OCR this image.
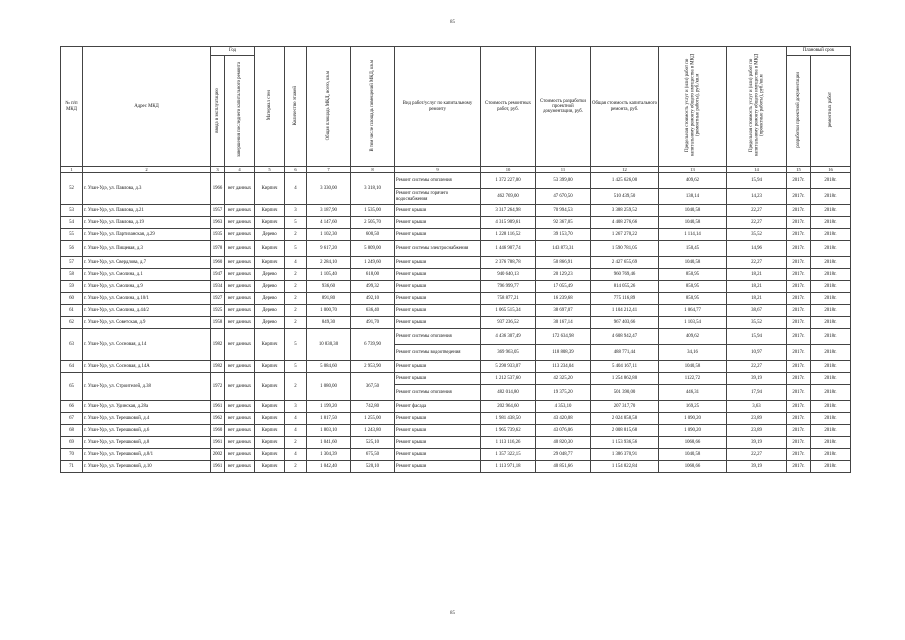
85
№ п/п МКД	Адрес МКД	Год		Материал стен	Количество этажей	Общая площадь МКД, всего, кв.м	В том числе площадь помещений МКД, кв.м	Вид работ/услуг по капитальному ремонту	Стоимость ремонтных работ, руб.	Стоимость разработки проектной документации, руб.	Общая стоимость капитального ремонта, руб.	Предельная стоимость услуг и (или) работ по капитальному ремонту общего имущества в МКД (ремонтные работы), руб./кв.м	Предельная стоимость услуг и (или) работ по капитальному ремонту общего имущества в МКД (проектные работы), руб./кв.м	Плановый срок	
		ввода в эксплуатацию	завершения последнего капитального ремонта											разработки проектной документации	ремонтных работ
1	2	3	4	5	6	7	8	9	10	11	12	13	14	15	16
52	г. Улан-Удэ, ул. Павлова, д.3	1966	нет данных	Кирпич	4	3 330,00	3 318,10	Ремонт системы отопления	1 372 227,00	53 399,00	1 425 626,00	409,62	15,94	2017г.	2018г.
								Ремонт системы горячего водоснабжения	462 769,00	47 670,50	510 439,50	138,14	14,23	2017г.	2018г.
53	г. Улан-Удэ, ул. Павлова, д.21	1957	нет данных	Кирпич	3	3 187,90	1 535,00	Ремонт крыши	3 317 264,98	70 994,53	3 388 259,52	1040,58	22,27	2017г.	2018г.
54	г. Улан-Удэ, ул. Павлова, д.19	1963	нет данных	Кирпич	5	4 147,60	2 505,70	Ремонт крыши	4 315 909,61	92 367,05	4 408 276,66	1040,58	22,27	2017г.	2018г.
55	г. Улан-Удэ, ул. Партизанская, д.29	1935	нет данных	Дерево	2	1 102,30	600,50	Ремонт крыши	1 228 116,52	39 153,70	1 267 270,22	1 114,14	35,52	2017г.	2018г.
56	г. Улан-Удэ, ул. Пищевая, д.3	1978	нет данных	Кирпич	5	9 617,20	5 809,00	Ремонт системы электроснабжения	1 446 907,74	143 873,31	1 590 781,05	150,45	14,96	2017г.	2018г.
57	г. Улан-Удэ, ул. Свердлова, д.7	1960	нет данных	Кирпич	4	2 284,10	1 249,60	Ремонт крыши	2 376 788,78	50 866,91	2 427 655,69	1040,58	22,27	2017г.	2018г.
58	г. Улан-Удэ, ул. Смолина, д.1	1947	нет данных	Дерево	2	1 105,40	618,00	Ремонт крыши	940 640,13	20 129,23	960 769,46	850,95	18,21	2017г.	2018г.
59	г. Улан-Удэ, ул. Смолина, д.9	1934	нет данных	Дерево	2	936,60	499,32	Ремонт крыши	796 999,77	17 055,49	814 055,26	850,95	18,21	2017г.	2018г.
60	г. Улан-Удэ, ул. Смолина, д.10/1	1927	нет данных	Дерево	2	891,80	492,10	Ремонт крыши	758 877,21	16 239,68	775 116,89	850,95	18,21	2017г.	2018г.
61	г. Улан-Удэ, ул. Смолина, д.44/2	1925	нет данных	Дерево	2	1 000,70	636,40	Ремонт крыши	1 065 515,34	38 697,07	1 104 212,41	1 064,77	38,67	2017г.	2018г.
62	г. Улан-Удэ, ул. Советская, д.9	1958	нет данных	Дерево	2	849,30	491,70	Ремонт крыши	937 236,52	30 167,14	967 403,66	1 103,54	35,52	2017г.	2018г.
63	г. Улан-Удэ, ул. Сосновая, д.14	1982	нет данных	Кирпич	5	10 830,30	6 739,90	Ремонт системы отопления	4 436 307,49	172 634,98	4 608 942,47	409,62	15,94	2017г.	2018г.
								Ремонт системы водоотведения	369 963,05	118 808,39	488 771,44	34,16	10,97	2017г.	2018г.
64	г. Улан-Удэ, ул. Сосновая, д.14А	1982	нет данных	Кирпич	5	5 084,60	2 953,90	Ремонт крыши	5 290 933,07	113 234,04	5 404 167,11	1040,58	22,27	2017г.	2018г.
65	г. Улан-Удэ, ул. Строителей, д.38	1972	нет данных	Кирпич	2	1 080,00	367,50	Ремонт крыши	1 212 537,60	42 325,20	1 254 862,80	1122,72	39,19	2017г.	2018г.
								Ремонт системы отопления	482 014,80	19 375,20	501 390,00	446,31	17,94	2017г.	2018г.
66	г. Улан-Удэ, ул. Удинская, д.28а	1961	нет данных	Кирпич	3	1 199,20	742,80	Ремонт фасада	202 964,60	4 353,10	207 317,70	169,25	3,63	2017г.	2018г.
67	г. Улан-Удэ, ул. Терешковой, д.4	1962	нет данных	Кирпич	4	1 817,50	1 255,00	Ремонт крыши	1 981 438,50	43 420,08	2 024 858,58	1 090,20	23,89	2017г.	2018г.
68	г. Улан-Удэ, ул. Терешковой, д.6	1960	нет данных	Кирпич	4	1 803,10	1 243,80	Ремонт крыши	1 965 739,62	43 076,06	2 008 815,68	1 090,20	23,89	2017г.	2018г.
69	г. Улан-Удэ, ул. Терешковой, д.8	1961	нет данных	Кирпич	2	1 041,60	525,10	Ремонт крыши	1 113 116,26	40 820,30	1 153 936,56	1068,66	39,19	2017г.	2018г.
70	г. Улан-Удэ, ул. Терешковой, д.8/1	2002	нет данных	Кирпич	4	1 304,39	675,50	Ремонт крыши	1 357 322,15	29 048,77	1 386 370,91	1040,58	22,27	2017г.	2018г.
71	г. Улан-Удэ, ул. Терешковой, д.10	1961	нет данных	Кирпич	2	1 042,40	520,10	Ремонт крыши	1 113 971,18	40 851,66	1 154 822,84	1068,66	39,19	2017г.	2018г.
85
